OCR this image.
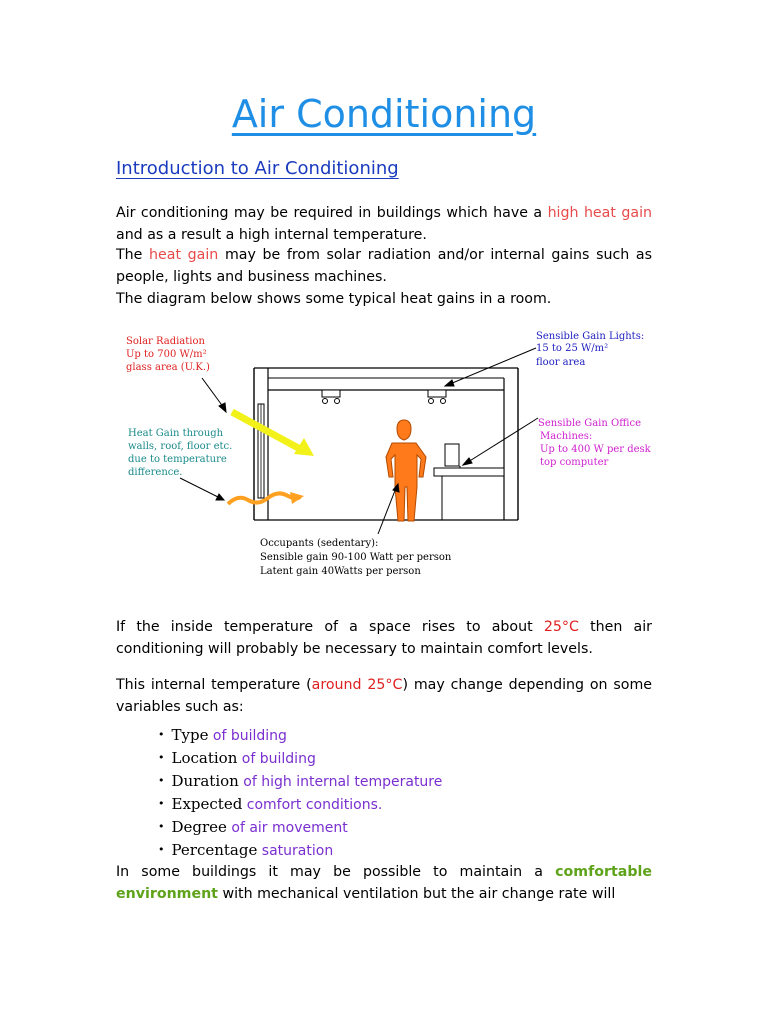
Air Conditioning
Introduction to Air Conditioning
Air conditioning may be required in buildings which have a high heat gain and as a result a high internal temperature.
The heat gain may be from solar radiation and/or internal gains such as people, lights and business machines.
The diagram below shows some typical heat gains in a room.
Solar Radiation Up to 700 W/m² glass area (U.K.)
Heat Gain through walls, roof, floor etc. due to temperature difference.
Sensible Gain Lights: 15 to 25 W/m² floor area
Sensible Gain Office Machines: Up to 400 W per desk top computer
Occupants (sedentary): Sensible gain 90-100 Watt per person Latent gain 40Watts per person
If the inside temperature of a space rises to about 25°C then air conditioning will probably be necessary to maintain comfort levels.
This internal temperature (around 25°C) may change depending on some variables such as:
• Type of building
• Location of building
• Duration of high internal temperature
• Expected comfort conditions.
• Degree of air movement
• Percentage saturation
In some buildings it may be possible to maintain a comfortable environment with mechanical ventilation but the air change rate will
